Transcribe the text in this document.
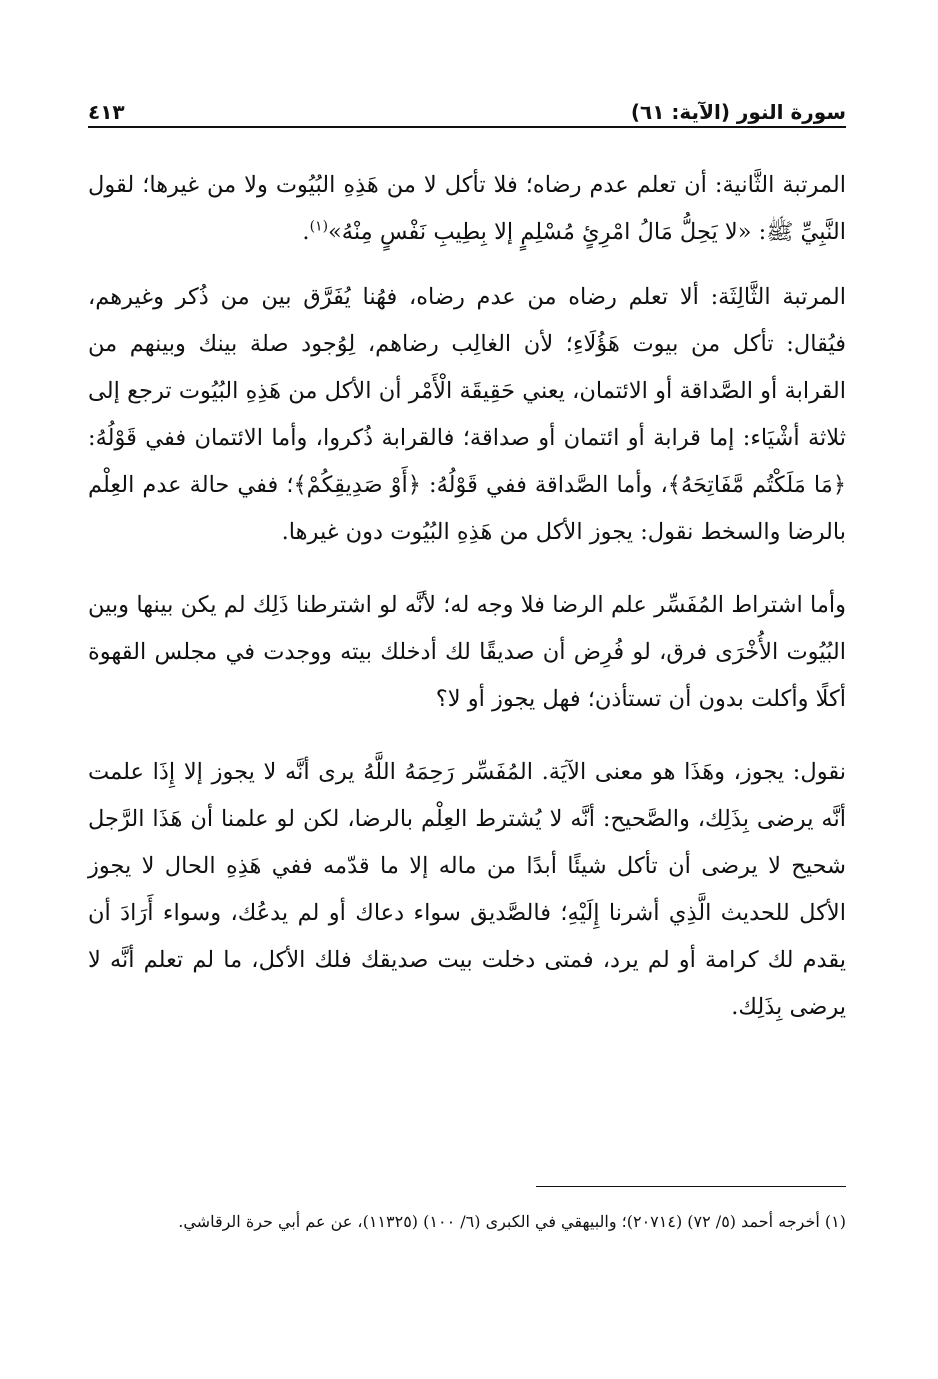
سورة النور (الآية: ٦١)
٤١٣

المرتبة الثَّانية: أن تعلم عدم رضاه؛ فلا تأكل لا من هَذِهِ البُيُوت ولا من غيرها؛ لقول النَّبِيِّ ﷺ: «لا يَحِلُّ مَالُ امْرِئٍ مُسْلِمٍ إلا بِطِيبِ نَفْسٍ مِنْهُ»$^{(١)}$.

المرتبة الثَّالِثَة: ألا تعلم رضاه من عدم رضاه، فهُنا يُفَرَّق بين من ذُكر وغيرهم، فيُقال: تأكل من بيوت هَؤُلَاءِ؛ لأن الغالِب رضاهم، لِوُجود صلة بينك وبينهم من القرابة أو الصَّداقة أو الائتمان، يعني حَقِيقَة الْأَمْر أن الأكل من هَذِهِ البُيُوت ترجع إلى ثلاثة أشْيَاء: إما قرابة أو ائتمان أو صداقة؛ فالقرابة ذُكروا، وأما الائتمان ففي قَوْلُهُ: ﴿مَا مَلَكْتُم مَّفَاتِحَهُ﴾، وأما الصَّداقة ففي قَوْلُهُ: ﴿أَوْ صَدِيقِكُمْ﴾؛ ففي حالة عدم العِلْم بالرضا والسخط نقول: يجوز الأكل من هَذِهِ البُيُوت دون غيرها.

وأما اشتراط المُفَسِّر علم الرضا فلا وجه له؛ لأنَّه لو اشترطنا ذَلِك لم يكن بينها وبين البُيُوت الأُخْرَى فرق، لو فُرِض أن صديقًا لك أدخلك بيته ووجدت في مجلس القهوة أكلًا وأكلت بدون أن تستأذن؛ فهل يجوز أو لا؟

نقول: يجوز، وهَذَا هو معنى الآيَة. المُفَسِّر رَحِمَهُ اللَّهُ يرى أنَّه لا يجوز إلا إِذَا علمت أنَّه يرضى بِذَلِك، والصَّحيح: أنَّه لا يُشترط العِلْم بالرضا، لكن لو علمنا أن هَذَا الرَّجل شحيح لا يرضى أن تأكل شيئًا أبدًا من ماله إلا ما قدّمه ففي هَذِهِ الحال لا يجوز الأكل للحديث الَّذِي أشرنا إِلَيْهِ؛ فالصَّديق سواء دعاك أو لم يدعُك، وسواء أَرَادَ أن يقدم لك كرامة أو لم يرد، فمتى دخلت بيت صديقك فلك الأكل، ما لم تعلم أنَّه لا يرضى بِذَلِك.

(١) أخرجه أحمد (٥/ ٧٢) (٢٠٧١٤)؛ والبيهقي في الكبرى (٦/ ١٠٠) (١١٣٢٥)، عن عم أبي حرة الرقاشي.
